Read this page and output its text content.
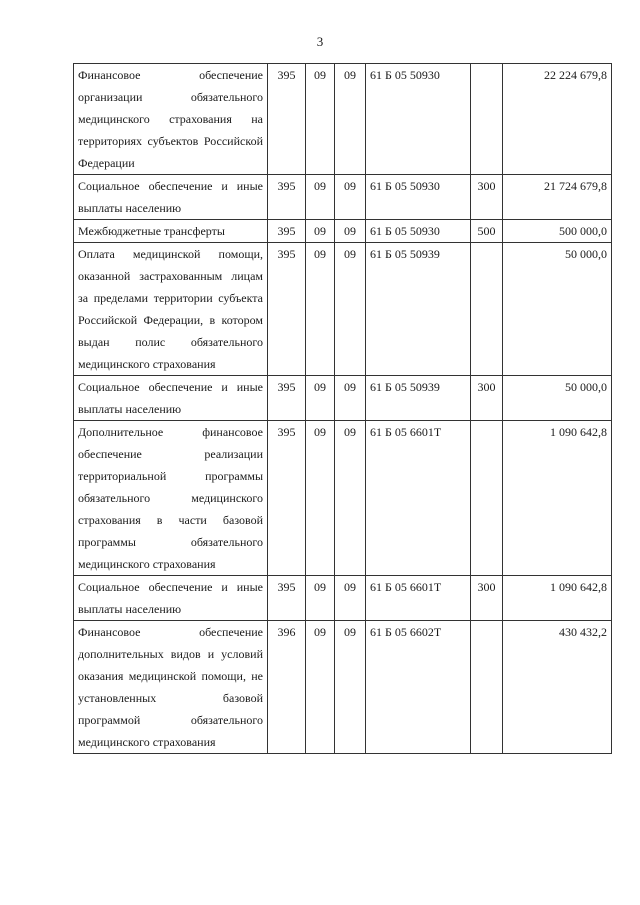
3
Финансовое обеспечение организации обязательного медицинского страхования на территориях субъектов Российской Федерации	395	09	09	61 Б 05 50930		22 224 679,8
Социальное обеспечение и иные выплаты населению	395	09	09	61 Б 05 50930	300	21 724 679,8
Межбюджетные трансферты	395	09	09	61 Б 05 50930	500	500 000,0
Оплата медицинской помощи, оказанной застрахованным лицам за пределами территории субъекта Российской Федерации, в котором выдан полис обязательного медицинского страхования	395	09	09	61 Б 05 50939		50 000,0
Социальное обеспечение и иные выплаты населению	395	09	09	61 Б 05 50939	300	50 000,0
Дополнительное финансовое обеспечение реализации территориальной программы обязательного медицинского страхования в части базовой программы обязательного медицинского страхования	395	09	09	61 Б 05 6601Т		1 090 642,8
Социальное обеспечение и иные выплаты населению	395	09	09	61 Б 05 6601Т	300	1 090 642,8
Финансовое обеспечение дополнительных видов и условий оказания медицинской помощи, не установленных базовой программой обязательного медицинского страхования	396	09	09	61 Б 05 6602Т		430 432,2
